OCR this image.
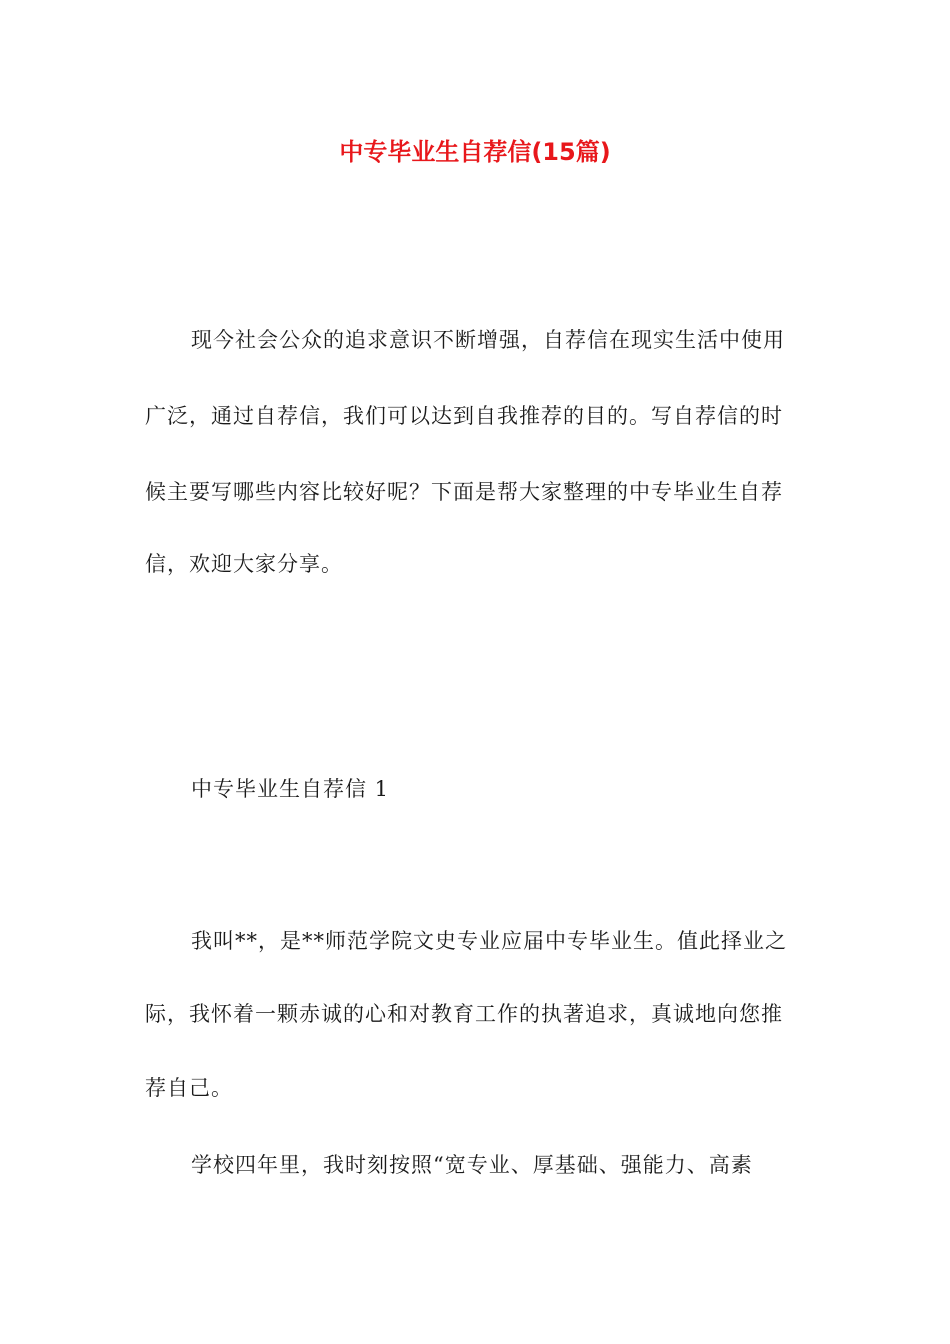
中专毕业生自荐信(15篇)
现今社会公众的追求意识不断增强，自荐信在现实生活中使用
广泛，通过自荐信，我们可以达到自我推荐的目的。写自荐信的时
候主要写哪些内容比较好呢？下面是帮大家整理的中专毕业生自荐
信，欢迎大家分享。
中专毕业生自荐信 1
我叫**，是**师范学院文史专业应届中专毕业生。值此择业之
际，我怀着一颗赤诚的心和对教育工作的执著追求，真诚地向您推
荐自己。
学校四年里，我时刻按照“宽专业、厚基础、强能力、高素
